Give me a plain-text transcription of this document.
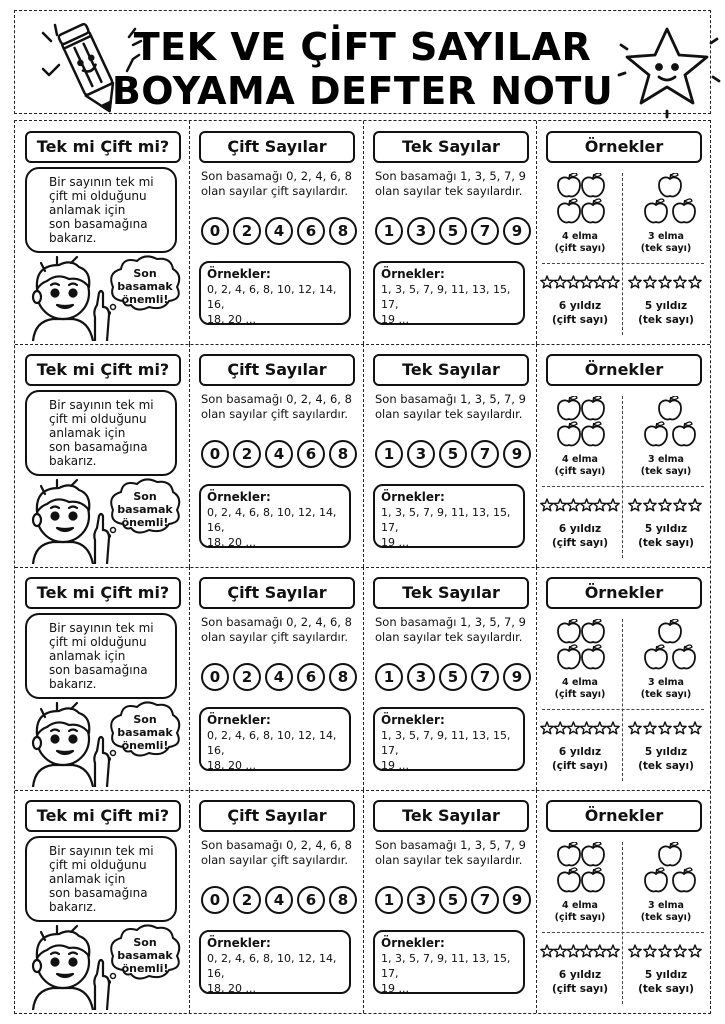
TEK VE ÇİFT SAYILAR
BOYAMA DEFTER NOTU
Tek mi Çift mi?
Bir sayının tek mi
çift mi olduğunu
anlamak için
son basamağına
bakarız.
Son
basamak
önemli!
Çift Sayılar
Son basamağı 0, 2, 4, 6, 8
olan sayılar çift sayılardır.
0	2	4	6	8
Örnekler:
0, 2, 4, 6, 8, 10, 12, 14, 16,
18, 20 ...
Tek Sayılar
Son basamağı 1, 3, 5, 7, 9
olan sayılar tek sayılardır.
1	3	5	7	9
Örnekler:
1, 3, 5, 7, 9, 11, 13, 15, 17,
19 ...
Örnekler
4 elma
(çift sayı)
3 elma
(tek sayı)
6 yıldız
(çift sayı)
5 yıldız
(tek sayı)
Tek mi Çift mi?
Bir sayının tek mi
çift mi olduğunu
anlamak için
son basamağına
bakarız.
Son
basamak
önemli!
Çift Sayılar
Son basamağı 0, 2, 4, 6, 8
olan sayılar çift sayılardır.
0	2	4	6	8
Örnekler:
0, 2, 4, 6, 8, 10, 12, 14, 16,
18, 20 ...
Tek Sayılar
Son basamağı 1, 3, 5, 7, 9
olan sayılar tek sayılardır.
1	3	5	7	9
Örnekler:
1, 3, 5, 7, 9, 11, 13, 15, 17,
19 ...
Örnekler
4 elma
(çift sayı)
3 elma
(tek sayı)
6 yıldız
(çift sayı)
5 yıldız
(tek sayı)
Tek mi Çift mi?
Bir sayının tek mi
çift mi olduğunu
anlamak için
son basamağına
bakarız.
Son
basamak
önemli!
Çift Sayılar
Son basamağı 0, 2, 4, 6, 8
olan sayılar çift sayılardır.
0	2	4	6	8
Örnekler:
0, 2, 4, 6, 8, 10, 12, 14, 16,
18, 20 ...
Tek Sayılar
Son basamağı 1, 3, 5, 7, 9
olan sayılar tek sayılardır.
1	3	5	7	9
Örnekler:
1, 3, 5, 7, 9, 11, 13, 15, 17,
19 ...
Örnekler
4 elma
(çift sayı)
3 elma
(tek sayı)
6 yıldız
(çift sayı)
5 yıldız
(tek sayı)
Tek mi Çift mi?
Bir sayının tek mi
çift mi olduğunu
anlamak için
son basamağına
bakarız.
Son
basamak
önemli!
Çift Sayılar
Son basamağı 0, 2, 4, 6, 8
olan sayılar çift sayılardır.
0	2	4	6	8
Örnekler:
0, 2, 4, 6, 8, 10, 12, 14, 16,
18, 20 ...
Tek Sayılar
Son basamağı 1, 3, 5, 7, 9
olan sayılar tek sayılardır.
1	3	5	7	9
Örnekler:
1, 3, 5, 7, 9, 11, 13, 15, 17,
19 ...
Örnekler
4 elma
(çift sayı)
3 elma
(tek sayı)
6 yıldız
(çift sayı)
5 yıldız
(tek sayı)
